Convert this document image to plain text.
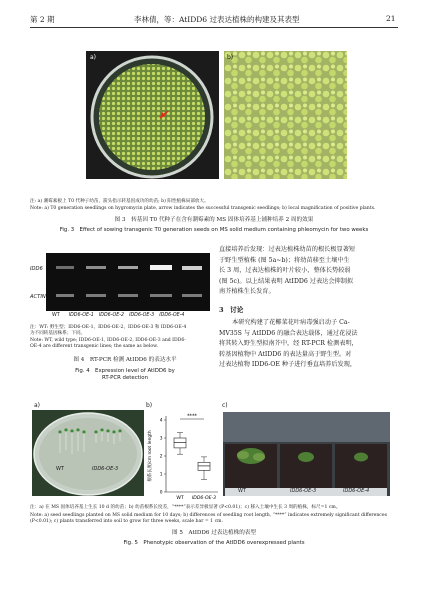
第 2 期	李林倩，等：AtIDD6 过表达植株的构建及其表型	21
a)	b)
注: a) 潮霉素板上 T0 代种子幼苗，箭头指示转基因成功的幼苗; b) 阳性植株局部放大。
Note: a) T0 generation seedlings on hygromycin plate, arrow indicates the successful transgenic seedlings; b) local magnification of positive plants.
图 3　转基因 T0 代种子在含有潮霉素的 MS 固体培养基上铺种培养 2 周的效果
Fig. 3　Effect of sowing transgenic T0 generation seeds on MS solid medium containing phleomycin for two weeks
IDD6
ACTIN
WT IDD6-OE-1 IDD6-OE-2 IDD6-OE-3 IDD6-OE-4
注：WT: 野生型；IDD6-OE-1、IDD6-OE-2、IDD6-OE-3 和 IDD6-OE-4
为不同转基因株系；下同。
Note: WT, wild type; IDD6-OE-1, IDD6-OE-2, IDD6-OE-3 and IDD6-
OE-4 are different transgenic lines; the same as below.
图 4　RT-PCR 检测 AtIDD6 的表达水平
Fig. 4　Expression level of AtIDD6 by
RT-PCR detection
直接培养后发现：过表达植株幼苗的根长极显著短
于野生型植株 (图 5a~b)；将幼苗移至土壤中生
长 3 周，过表达植株的叶片较小，整体长势较弱
(图 5c)。以上结果表明 AtIDD6 过表达会抑制拟
南芥植株生长发育。
3　讨论
本研究构建了花椰菜花叶病毒强启动子 Ca-
MV35S 与 AtIDD6 的融合表达载体，通过花浸法
将其转入野生型拟南芥中，经 RT-PCR 检测表明，
转基因植物中 AtIDD6 的表达量高于野生型。对
过表达植物 IDD6-OE 种子进行垂直培养后发现，
a)
WT	IDD6-OE-3
b)
根系长度/cm root length
0
1
2
3
4
****
WT IDD6-OE-3
c)
WT	IDD6-OE-3	IDD6-OE-4
注：a) 在 MS 固体培养基上生长 10 d 的幼苗；b) 幼苗根系长度差，“****”表示差异极显著 (P<0.01)；c) 移入土壤中生长 3 周的植株，标尺=1 cm。
Note: a) seed seedlings planted on MS solid medium for 10 days; b) differences of seedling root length, “****” indicates extremely significant differences
(P<0.01); c) plants transferred into soil to grow for three weeks, scale bar = 1 cm.
图 5　AtIDD6 过表达植株的表型
Fig. 5　Phenotypic observation of the AtIDD6 overexpressed plants
